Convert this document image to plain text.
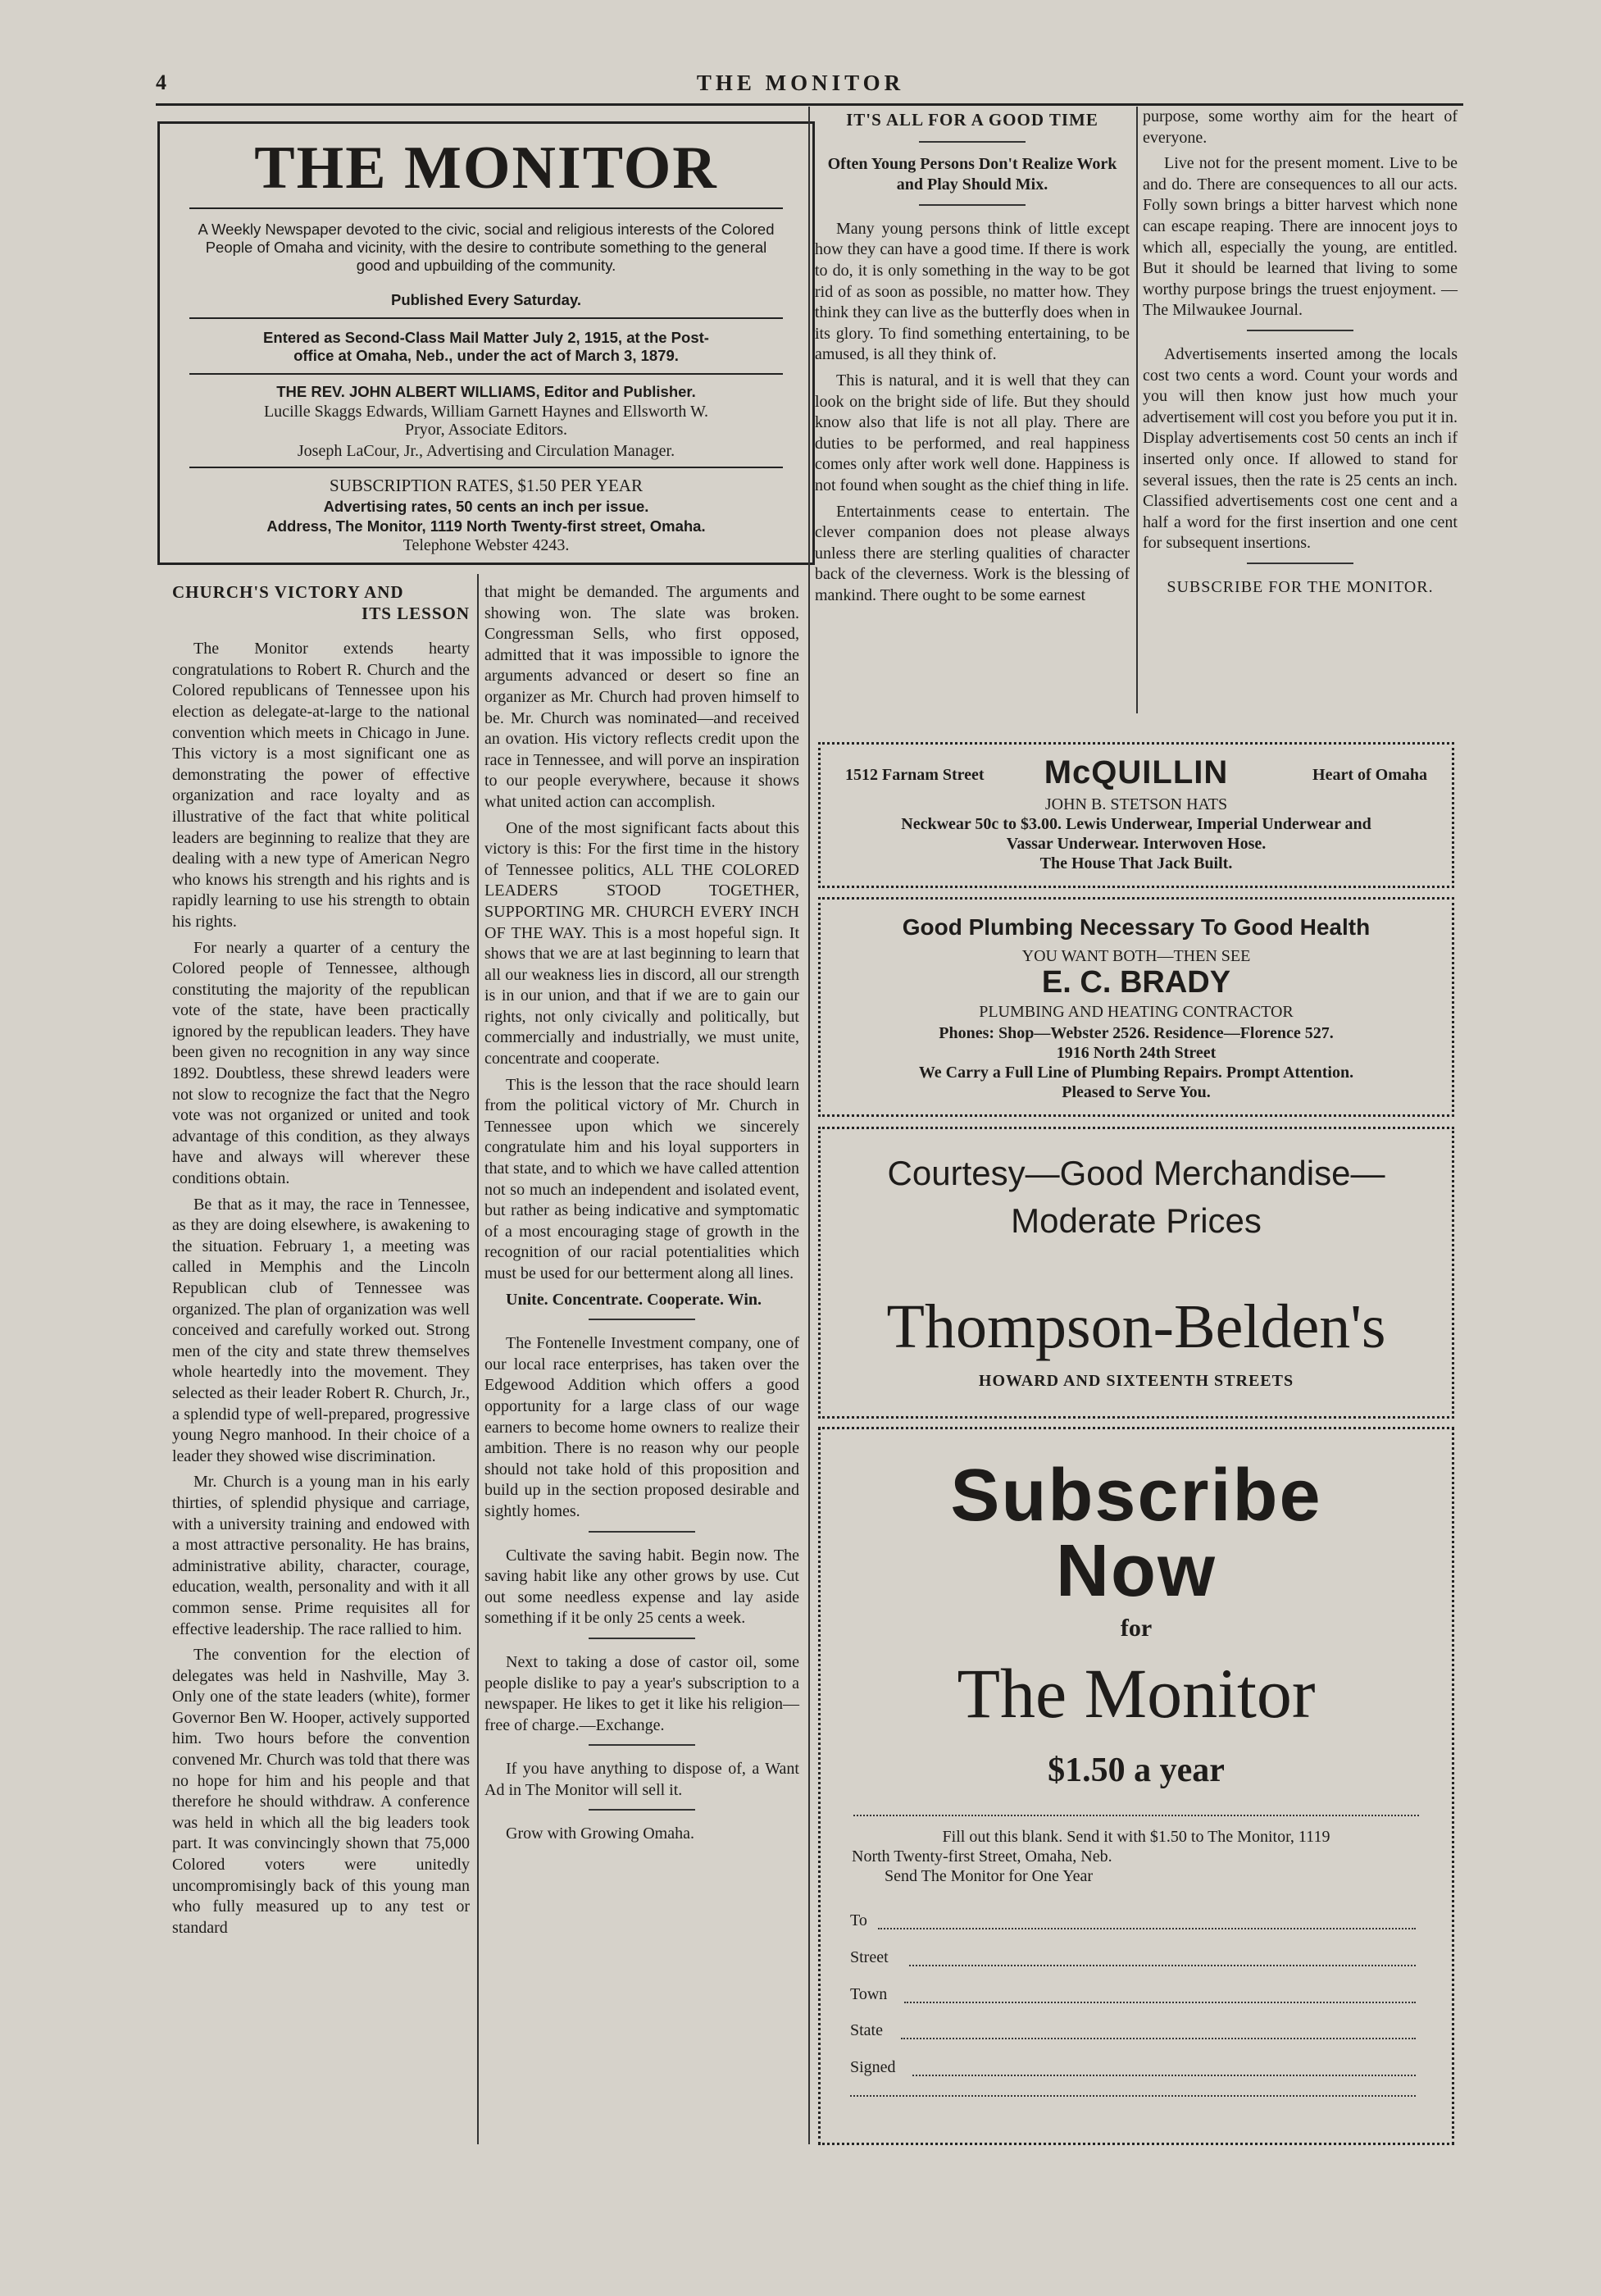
4	THE MONITOR
THE MONITOR
A Weekly Newspaper devoted to the civic, social and religious interests of the Colored People of Omaha and vicinity, with the desire to contribute something to the general good and upbuilding of the community.
Published Every Saturday.
Entered as Second-Class Mail Matter July 2, 1915, at the Post-
office at Omaha, Neb., under the act of March 3, 1879.
THE REV. JOHN ALBERT WILLIAMS, Editor and Publisher.
Lucille Skaggs Edwards, William Garnett Haynes and Ellsworth W.
Pryor, Associate Editors.
Joseph LaCour, Jr., Advertising and Circulation Manager.
SUBSCRIPTION RATES, $1.50 PER YEAR
Advertising rates, 50 cents an inch per issue.
Address, The Monitor, 1119 North Twenty-first street, Omaha.
Telephone Webster 4243.
CHURCH'S VICTORY AND
ITS LESSON

The Monitor extends hearty congratulations to Robert R. Church and the Colored republicans of Tennessee upon his election as delegate-at-large to the national convention which meets in Chicago in June. This victory is a most significant one as demonstrating the power of effective organization and race loyalty and as illustrative of the fact that white political leaders are beginning to realize that they are dealing with a new type of American Negro who knows his strength and his rights and is rapidly learning to use his strength to obtain his rights.

For nearly a quarter of a century the Colored people of Tennessee, although constituting the majority of the republican vote of the state, have been practically ignored by the republican leaders. They have been given no recognition in any way since 1892. Doubtless, these shrewd leaders were not slow to recognize the fact that the Negro vote was not organized or united and took advantage of this condition, as they always have and always will wherever these conditions obtain.

Be that as it may, the race in Tennessee, as they are doing elsewhere, is awakening to the situation. February 1, a meeting was called in Memphis and the Lincoln Republican club of Tennessee was organized. The plan of organization was well conceived and carefully worked out. Strong men of the city and state threw themselves whole heartedly into the movement. They selected as their leader Robert R. Church, Jr., a splendid type of well-prepared, progressive young Negro manhood. In their choice of a leader they showed wise discrimination.

Mr. Church is a young man in his early thirties, of splendid physique and carriage, with a university training and endowed with a most attractive personality. He has brains, administrative ability, character, courage, education, wealth, personality and with it all common sense. Prime requisites all for effective leadership. The race rallied to him.

The convention for the election of delegates was held in Nashville, May 3. Only one of the state leaders (white), former Governor Ben W. Hooper, actively supported him. Two hours before the convention convened Mr. Church was told that there was no hope for him and his people and that therefore he should withdraw. A conference was held in which all the big leaders took part. It was convincingly shown that 75,000 Colored voters were unitedly uncompromisingly back of this young man who fully measured up to any test or standard

that might be demanded. The arguments and showing won. The slate was broken. Congressman Sells, who first opposed, admitted that it was impossible to ignore the arguments advanced or desert so fine an organizer as Mr. Church had proven himself to be. Mr. Church was nominated—and received an ovation. His victory reflects credit upon the race in Tennessee, and will porve an inspiration to our people everywhere, because it shows what united action can accomplish.

One of the most significant facts about this victory is this: For the first time in the history of Tennessee politics, ALL THE COLORED LEADERS STOOD TOGETHER, SUPPORTING MR. CHURCH EVERY INCH OF THE WAY. This is a most hopeful sign. It shows that we are at last beginning to learn that all our weakness lies in discord, all our strength is in our union, and that if we are to gain our rights, not only civically and politically, but commercially and industrially, we must unite, concentrate and cooperate.

This is the lesson that the race should learn from the political victory of Mr. Church in Tennessee upon which we sincerely congratulate him and his loyal supporters in that state, and to which we have called attention not so much an independent and isolated event, but rather as being indicative and symptomatic of a most encouraging stage of growth in the recognition of our racial potentialities which must be used for our betterment along all lines.

Unite. Concentrate. Cooperate. Win.

The Fontenelle Investment company, one of our local race enterprises, has taken over the Edgewood Addition which offers a good opportunity for a large class of our wage earners to become home owners to realize their ambition. There is no reason why our people should not take hold of this proposition and build up in the section proposed desirable and sightly homes.

Cultivate the saving habit. Begin now. The saving habit like any other grows by use. Cut out some needless expense and lay aside something if it be only 25 cents a week.

Next to taking a dose of castor oil, some people dislike to pay a year's subscription to a newspaper. He likes to get it like his religion—free of charge.—Exchange.

If you have anything to dispose of, a Want Ad in The Monitor will sell it.

Grow with Growing Omaha.

IT'S ALL FOR A GOOD TIME
Often Young Persons Don't Realize Work and Play Should Mix.

Many young persons think of little except how they can have a good time. If there is work to do, it is only something in the way to be got rid of as soon as possible, no matter how. They think they can live as the butterfly does when in its glory. To find something entertaining, to be amused, is all they think of.

This is natural, and it is well that they can look on the bright side of life. But they should know also that life is not all play. There are duties to be performed, and real happiness comes only after work well done. Happiness is not found when sought as the chief thing in life.

Entertainments cease to entertain. The clever companion does not please always unless there are sterling qualities of character back of the cleverness. Work is the blessing of mankind. There ought to be some earnest

purpose, some worthy aim for the heart of everyone.

Live not for the present moment. Live to be and do. There are consequences to all our acts. Folly sown brings a bitter harvest which none can escape reaping. There are innocent joys to which all, especially the young, are entitled. But it should be learned that living to some worthy purpose brings the truest enjoyment. —The Milwaukee Journal.

Advertisements inserted among the locals cost two cents a word. Count your words and you will then know just how much your advertisement will cost you before you put it in. Display advertisements cost 50 cents an inch if inserted only once. If allowed to stand for several issues, then the rate is 25 cents an inch. Classified advertisements cost one cent and a half a word for the first insertion and one cent for subsequent insertions.

SUBSCRIBE FOR THE MONITOR.

1512 Farnam Street	McQUILLIN	Heart of Omaha
JOHN B. STETSON HATS
Neckwear 50c to $3.00. Lewis Underwear, Imperial Underwear and
Vassar Underwear. Interwoven Hose.
The House That Jack Built.
Good Plumbing Necessary To Good Health
YOU WANT BOTH—THEN SEE
E. C. BRADY
PLUMBING AND HEATING CONTRACTOR
Phones: Shop—Webster 2526. Residence—Florence 527.
1916 North 24th Street
We Carry a Full Line of Plumbing Repairs. Prompt Attention.
Pleased to Serve You.
Courtesy—Good Merchandise—
Moderate Prices
Thompson-Belden's
HOWARD AND SIXTEENTH STREETS
Subscribe
Now
for
The Monitor
$1.50 a year
Fill out this blank. Send it with $1.50 to The Monitor, 1119
North Twenty-first Street, Omaha, Neb.
Send The Monitor for One Year
To
Street
Town
State
Signed
